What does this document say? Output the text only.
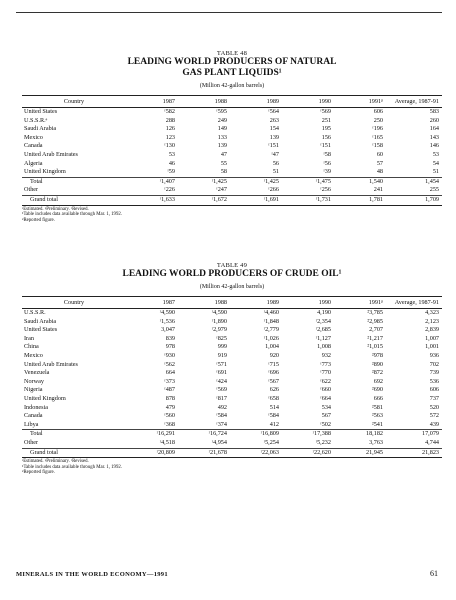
TABLE 48
LEADING WORLD PRODUCERS OF NATURAL
GAS PLANT LIQUIDS¹
(Million 42-gallon barrels)
Country	1987	1988	1989	1990	1991ᵖ	Average, 1987-91
United States	ʳ582	ʳ595	ʳ564	ʳ569	606	583
U.S.S.R.ᵉ	288	249	263	251	250	260
Saudi Arabia	126	149	154	195	ʳ196	164
Mexico	123	133	139	156	ʳ165	143
Canada	ʳ130	139	ʳ151	ʳ151	ʳ158	146
United Arab Emirates	53	47	ʳ47	ʳ58	60	53
Algeria	46	55	56	ʳ56	57	54
United Kingdom	ʳ59	58	51	ʳ39	48	51
Total	ʳ1,407	ʳ1,425	ʳ1,425	ʳ1,475	1,540	1,454
Other	ʳ226	ʳ247	ʳ266	ʳ256	241	255
Grand total	ʳ1,633	ʳ1,672	ʳ1,691	ʳ1,731	1,781	1,709
ᵉEstimated. ᵖPreliminary. ʳRevised.
¹Table includes data available through Mar. 1, 1992.
²Reported figure.
TABLE 49
LEADING WORLD PRODUCERS OF CRUDE OIL¹
(Million 42-gallon barrels)
Country	1987	1988	1989	1990	1991ᵖ	Average, 1987-91
U.S.S.R.	ʳ4,590	ʳ4,590	ʳ4,460	4,190	²3,785	4,323
Saudi Arabia	ʳ1,536	ʳ1,890	ʳ1,848	ʳ2,354	²2,985	2,123
United States	3,047	ʳ2,979	ʳ2,779	ʳ2,685	2,707	2,839
Iran	839	ʳ825	ʳ1,026	ʳ1,127	²1,217	1,007
China	978	999	1,004	1,008	²1,015	1,001
Mexico	ʳ930	919	920	932	²978	936
United Arab Emirates	ʳ562	ʳ571	ʳ715	ʳ773	²890	702
Venezuela	664	ʳ691	ʳ696	ʳ770	²872	739
Norway	ʳ373	ʳ424	ʳ567	ʳ622	692	536
Nigeria	ʳ487	ʳ569	626	ʳ660	²690	606
United Kingdom	878	ʳ817	ʳ658	ʳ664	666	737
Indonesia	479	492	514	534	²581	520
Canada	ʳ560	ʳ584	ʳ584	567	²563	572
Libya	ʳ368	ʳ374	412	ʳ502	²541	439
Total	ʳ16,291	ʳ16,724	ʳ16,809	ʳ17,388	18,182	17,079
Other	ʳ4,518	ʳ4,954	ʳ5,254	ʳ5,232	3,763	4,744
Grand total	ʳ20,809	ʳ21,678	ʳ22,063	ʳ22,620	21,945	21,823
ᵉEstimated. ᵖPreliminary. ʳRevised.
¹Table includes data available through Mar. 1, 1992.
²Reported figure.
MINERALS IN THE WORLD ECONOMY—1991	61
